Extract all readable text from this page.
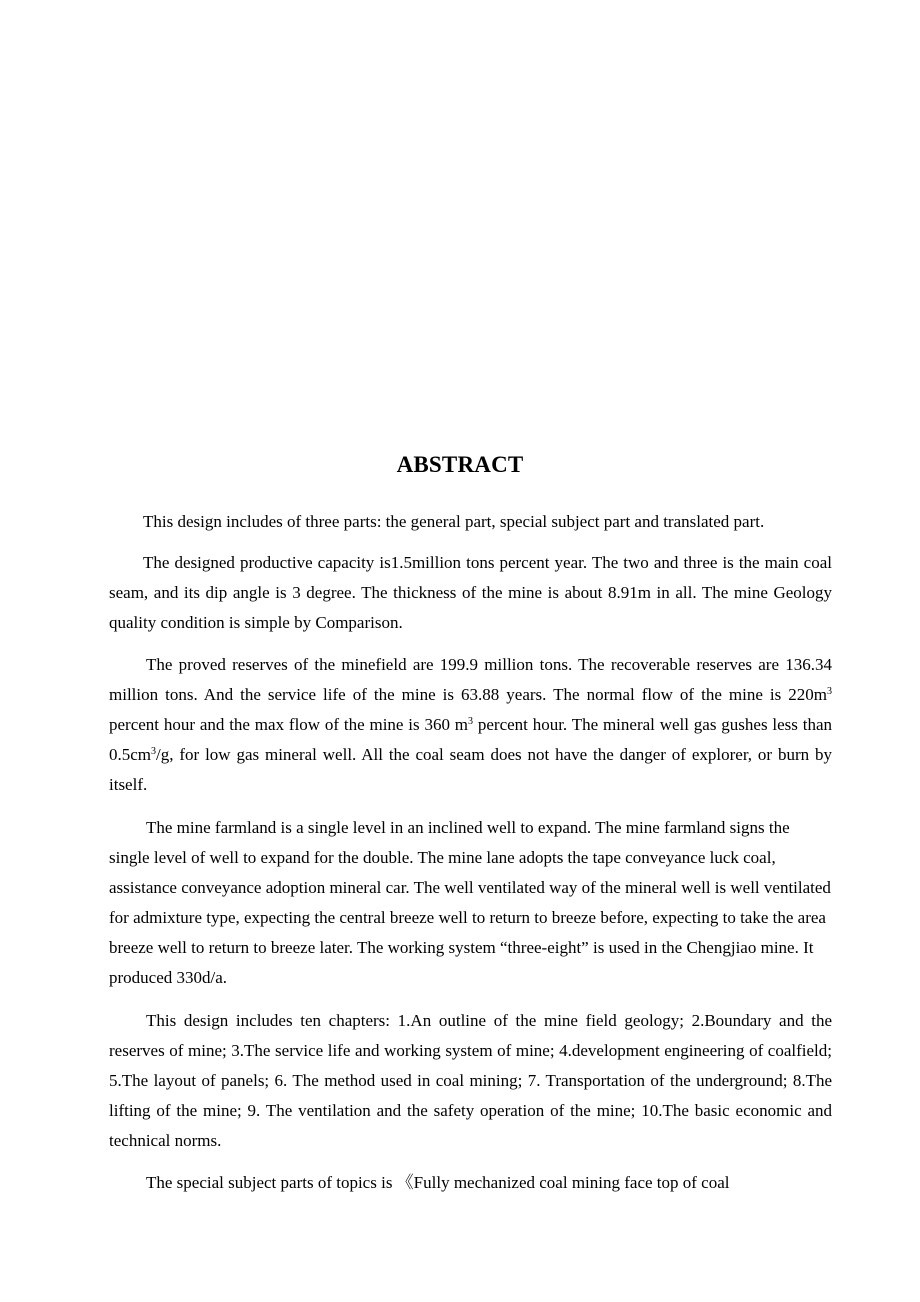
ABSTRACT

This design includes of three parts: the general part, special subject part and translated part.

The designed productive capacity is1.5million tons percent year. The two and three is the main coal seam, and its dip angle is 3 degree. The thickness of the mine is about 8.91m in all. The mine Geology quality condition is simple by Comparison.

The proved reserves of the minefield are 199.9 million tons. The recoverable reserves are 136.34 million tons. And the service life of the mine is 63.88 years. The normal flow of the mine is $220m^3$ percent hour and the max flow of the mine is 360 $m^3$ percent hour. The mineral well gas gushes less than $0.5cm^3/g$, for low gas mineral well. All the coal seam does not have the danger of explorer, or burn by itself.

The mine farmland is a single level in an inclined well to expand. The mine farmland signs the single level of well to expand for the double. The mine lane adopts the tape conveyance luck coal, assistance conveyance adoption mineral car. The well ventilated way of the mineral well is well ventilated for admixture type, expecting the central breeze well to return to breeze before, expecting to take the area breeze well to return to breeze later. The working system “three-eight” is used in the Chengjiao mine. It produced 330d/a.

This design includes ten chapters: 1.An outline of the mine field geology; 2.Boundary and the reserves of mine; 3.The service life and working system of mine; 4.development engineering of coalfield; 5.The layout of panels; 6. The method used in coal mining; 7. Transportation of the underground; 8.The lifting of the mine; 9. The ventilation and the safety operation of the mine; 10.The basic economic and technical norms.

The special subject parts of topics is 《Fully mechanized coal mining face top of coal
